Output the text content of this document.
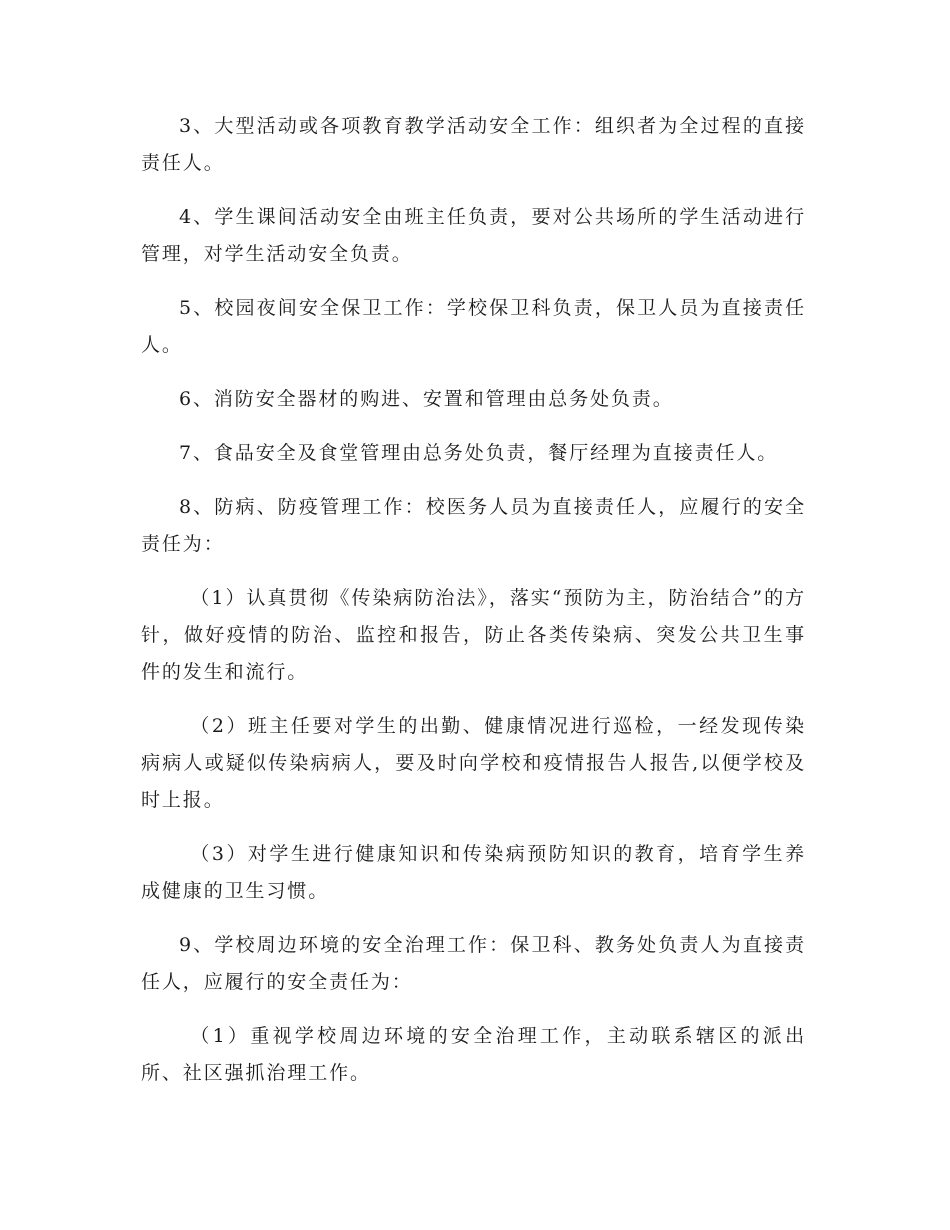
3、大型活动或各项教育教学活动安全工作：组织者为全过程的直接责任人。

4、学生课间活动安全由班主任负责，要对公共场所的学生活动进行管理，对学生活动安全负责。

5、校园夜间安全保卫工作：学校保卫科负责，保卫人员为直接责任人。

6、消防安全器材的购进、安置和管理由总务处负责。

7、食品安全及食堂管理由总务处负责，餐厅经理为直接责任人。

8、防病、防疫管理工作：校医务人员为直接责任人，应履行的安全责任为：

（1）认真贯彻《传染病防治法》，落实“预防为主，防治结合”的方针，做好疫情的防治、监控和报告，防止各类传染病、突发公共卫生事件的发生和流行。

（2）班主任要对学生的出勤、健康情况进行巡检，一经发现传染病病人或疑似传染病病人，要及时向学校和疫情报告人报告,以便学校及时上报。

（3）对学生进行健康知识和传染病预防知识的教育，培育学生养成健康的卫生习惯。

9、学校周边环境的安全治理工作：保卫科、教务处负责人为直接责任人，应履行的安全责任为：

（1）重视学校周边环境的安全治理工作，主动联系辖区的派出所、社区强抓治理工作。
